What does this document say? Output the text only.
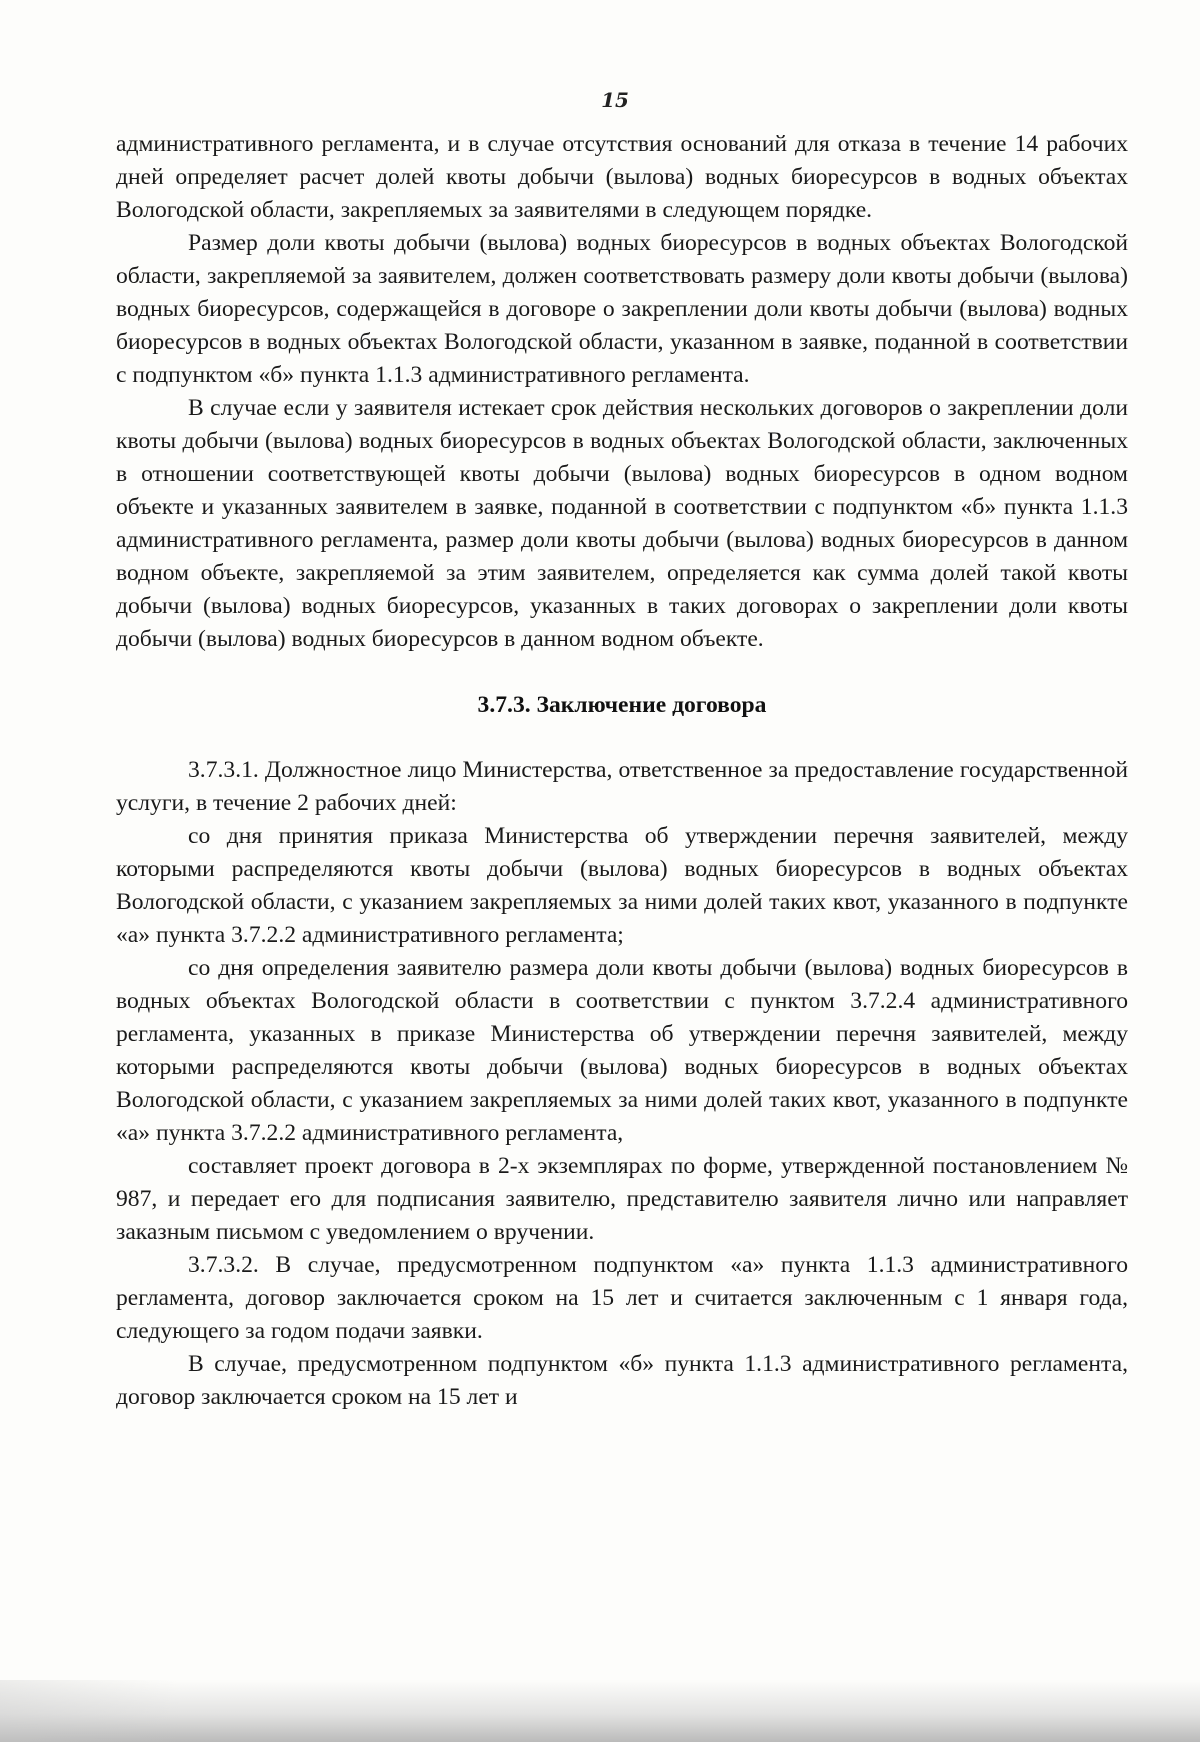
15

административного регламента, и в случае отсутствия оснований для отказа в течение 14 рабочих дней определяет расчет долей квоты добычи (вылова) водных биоресурсов в водных объектах Вологодской области, закрепляемых за заявителями в следующем порядке.

Размер доли квоты добычи (вылова) водных биоресурсов в водных объектах Вологодской области, закрепляемой за заявителем, должен соответствовать размеру доли квоты добычи (вылова) водных биоресурсов, содержащейся в договоре о закреплении доли квоты добычи (вылова) водных биоресурсов в водных объектах Вологодской области, указанном в заявке, поданной в соответствии с подпунктом «б» пункта 1.1.3 административного регламента.

В случае если у заявителя истекает срок действия нескольких договоров о закреплении доли квоты добычи (вылова) водных биоресурсов в водных объектах Вологодской области, заключенных в отношении соответствующей квоты добычи (вылова) водных биоресурсов в одном водном объекте и указанных заявителем в заявке, поданной в соответствии с подпунктом «б» пункта 1.1.3 административного регламента, размер доли квоты добычи (вылова) водных биоресурсов в данном водном объекте, закрепляемой за этим заявителем, определяется как сумма долей такой квоты добычи (вылова) водных биоресурсов, указанных в таких договорах о закреплении доли квоты добычи (вылова) водных биоресурсов в данном водном объекте.

3.7.3. Заключение договора

3.7.3.1. Должностное лицо Министерства, ответственное за предоставление государственной услуги, в течение 2 рабочих дней:

со дня принятия приказа Министерства об утверждении перечня заявителей, между которыми распределяются квоты добычи (вылова) водных биоресурсов в водных объектах Вологодской области, с указанием закрепляемых за ними долей таких квот, указанного в подпункте «а» пункта 3.7.2.2 административного регламента;

со дня определения заявителю размера доли квоты добычи (вылова) водных биоресурсов в водных объектах Вологодской области в соответствии с пунктом 3.7.2.4 административного регламента, указанных в приказе Министерства об утверждении перечня заявителей, между которыми распределяются квоты добычи (вылова) водных биоресурсов в водных объектах Вологодской области, с указанием закрепляемых за ними долей таких квот, указанного в подпункте «а» пункта 3.7.2.2 административного регламента,

составляет проект договора в 2-х экземплярах по форме, утвержденной постановлением № 987, и передает его для подписания заявителю, представителю заявителя лично или направляет заказным письмом с уведомлением о вручении.

3.7.3.2. В случае, предусмотренном подпунктом «а» пункта 1.1.3 административного регламента, договор заключается сроком на 15 лет и считается заключенным с 1 января года, следующего за годом подачи заявки.

В случае, предусмотренном подпунктом «б» пункта 1.1.3 административного регламента, договор заключается сроком на 15 лет и
